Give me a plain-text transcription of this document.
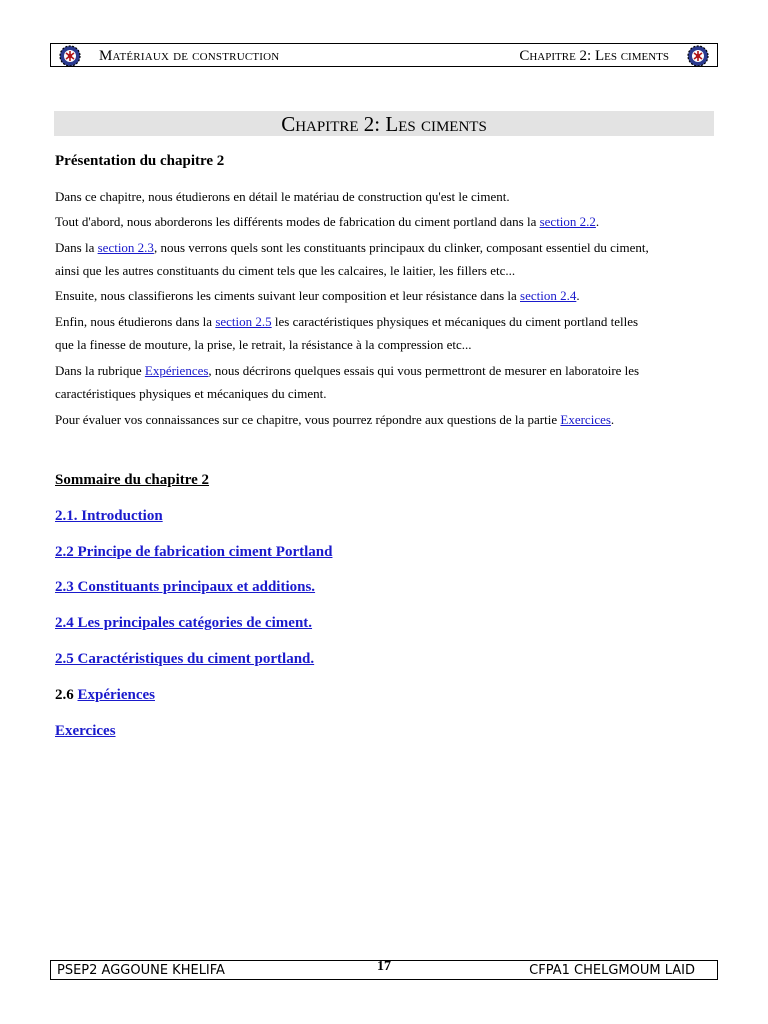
Matériaux de construction	Chapitre 2: Les ciments
Chapitre 2: Les ciments
Présentation du chapitre 2
Dans ce chapitre, nous étudierons en détail le matériau de construction qu'est le ciment.
Tout d'abord, nous aborderons les différents modes de fabrication du ciment portland dans la section 2.2.
Dans la section 2.3, nous verrons quels sont les constituants principaux du clinker, composant essentiel du ciment,
ainsi que les autres constituants du ciment tels que les calcaires, le laitier, les fillers etc...
Ensuite, nous classifierons les ciments suivant leur composition et leur résistance dans la section 2.4.
Enfin, nous étudierons dans la section 2.5 les caractéristiques physiques et mécaniques du ciment portland telles
que la finesse de mouture, la prise, le retrait, la résistance à la compression etc...
Dans la rubrique Expériences, nous décrirons quelques essais qui vous permettront de mesurer en laboratoire les
caractéristiques physiques et mécaniques du ciment.
Pour évaluer vos connaissances sur ce chapitre, vous pourrez répondre aux questions de la partie Exercices.
Sommaire du chapitre 2
2.1. Introduction
2.2 Principe de fabrication ciment Portland
2.3 Constituants principaux et additions.
2.4 Les principales catégories de ciment.
2.5 Caractéristiques du ciment portland.
2.6 Expériences
Exercices
PSEP2 AGGOUNE KHELIFA	17	CFPA1 CHELGMOUM LAID
